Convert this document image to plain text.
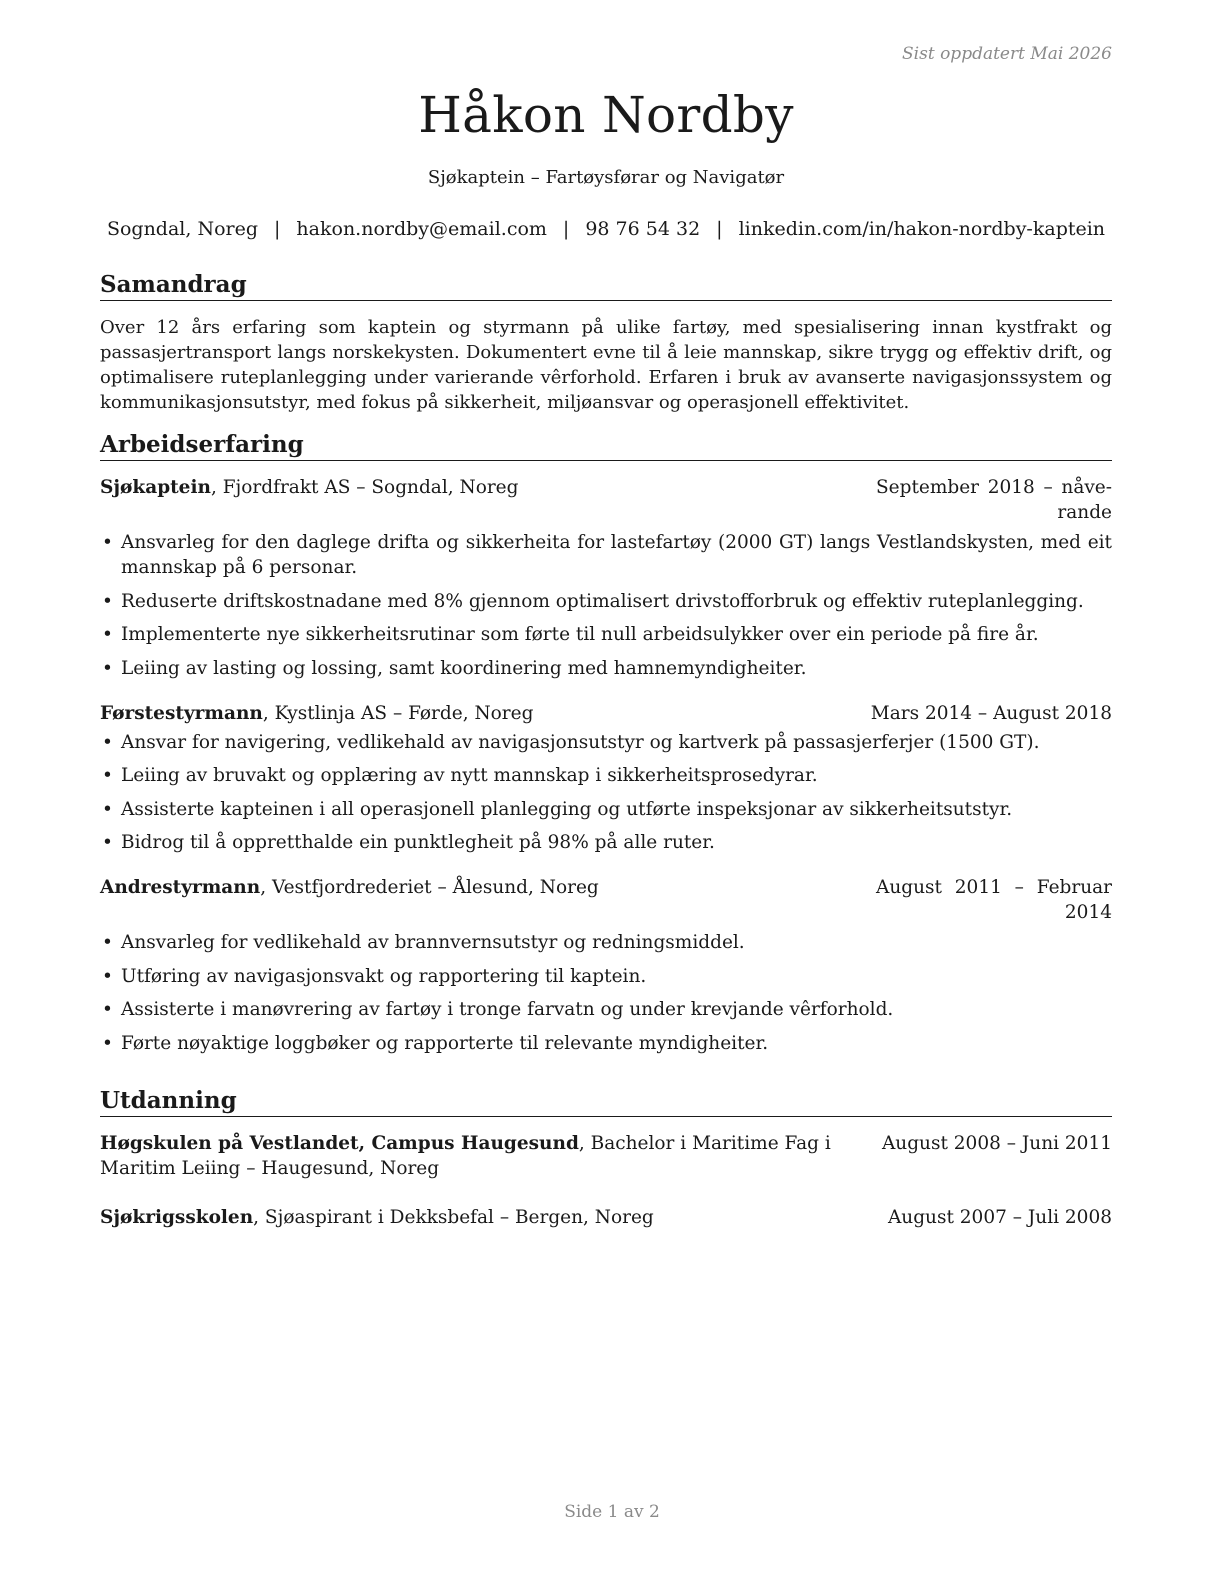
Sist oppdatert Mai 2026
Håkon Nordby
Sjøkaptein – Fartøysførar og Navigatør
Sogndal, Noreg | hakon.nordby@email.com | 98 76 54 32 | linkedin.com/in/hakon-nordby-kaptein
Samandrag
Over 12 års erfaring som kaptein og styrmann på ulike fartøy, med spesialisering innan kystfrakt og passasjertransport langs norskekysten. Dokumentert evne til å leie mannskap, sikre trygg og effektiv drift, og optimalisere ruteplanlegging under varierande vêrforhold. Erfaren i bruk av avanserte navigasjonssystem og kommunikasjonsutstyr, med fokus på sikkerheit, miljøansvar og operasjonell effektivitet.
Arbeidserfaring
Sjøkaptein, Fjordfrakt AS – Sogndal, Noreg	September 2018 – nåve-
rande
• Ansvarleg for den daglege drifta og sikkerheita for lastefartøy (2000 GT) langs Vestlandskysten, med eit mannskap på 6 personar.
• Reduserte driftskostnadane med 8% gjennom optimalisert drivstofforbruk og effektiv ruteplanlegging.
• Implementerte nye sikkerheitsrutinar som førte til null arbeidsulykker over ein periode på fire år.
• Leiing av lasting og lossing, samt koordinering med hamnemyndigheiter.
Førstestyrmann, Kystlinja AS – Førde, Noreg	Mars 2014 – August 2018
• Ansvar for navigering, vedlikehald av navigasjonsutstyr og kartverk på passasjerferjer (1500 GT).
• Leiing av bruvakt og opplæring av nytt mannskap i sikkerheitsprosedyrar.
• Assisterte kapteinen i all operasjonell planlegging og utførte inspeksjonar av sikkerheitsutstyr.
• Bidrog til å oppretthalde ein punktlegheit på 98% på alle ruter.
Andrestyrmann, Vestfjordrederiet – Ålesund, Noreg	August 2011 – Februar
2014
• Ansvarleg for vedlikehald av brannvernsutstyr og redningsmiddel.
• Utføring av navigasjonsvakt og rapportering til kaptein.
• Assisterte i manøvrering av fartøy i tronge farvatn og under krevjande vêrforhold.
• Førte nøyaktige loggbøker og rapporterte til relevante myndigheiter.
Utdanning
Høgskulen på Vestlandet, Campus Haugesund, Bachelor i Maritime Fag i Maritim Leiing – Haugesund, Noreg
August 2008 – Juni 2011
Sjøkrigsskolen, Sjøaspirant i Dekksbefal – Bergen, Noreg	August 2007 – Juli 2008
Side 1 av 2
